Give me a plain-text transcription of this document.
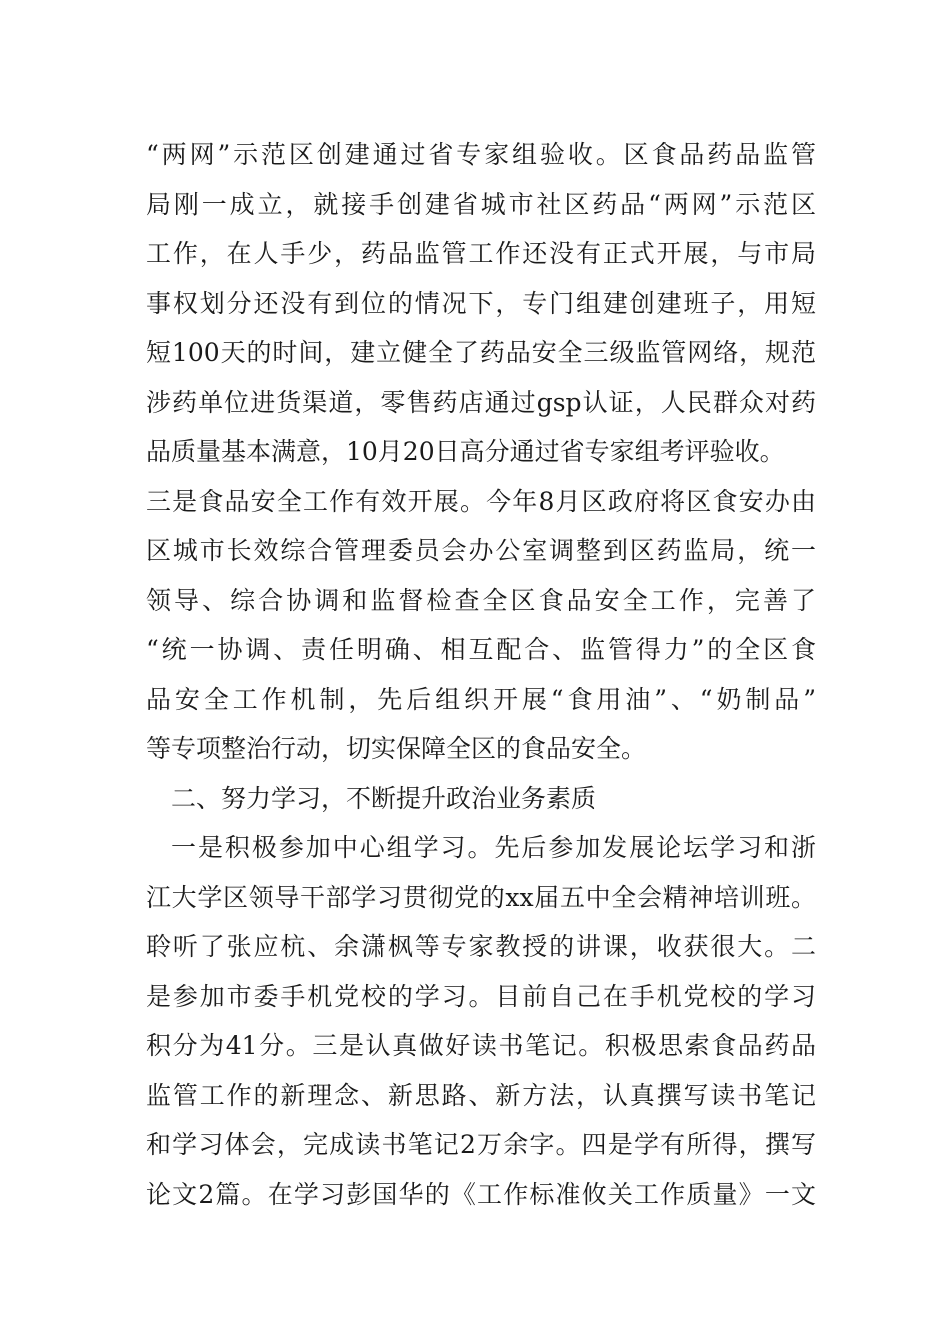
“两网”示范区创建通过省专家组验收。区食品药品监管
局刚一成立，就接手创建省城市社区药品“两网”示范区
工作，在人手少，药品监管工作还没有正式开展，与市局
事权划分还没有到位的情况下，专门组建创建班子，用短
短100天的时间，建立健全了药品安全三级监管网络，规范
涉药单位进货渠道，零售药店通过gsp认证，人民群众对药
品质量基本满意，10月20日高分通过省专家组考评验收。
三是食品安全工作有效开展。今年8月区政府将区食安办由
区城市长效综合管理委员会办公室调整到区药监局，统一
领导、综合协调和监督检查全区食品安全工作，完善了
“统一协调、责任明确、相互配合、监管得力”的全区食
品安全工作机制，先后组织开展“食用油”、“奶制品”
等专项整治行动，切实保障全区的食品安全。
二、努力学习，不断提升政治业务素质
一是积极参加中心组学习。先后参加发展论坛学习和浙
江大学区领导干部学习贯彻党的xx届五中全会精神培训班。
聆听了张应杭、余潇枫等专家教授的讲课，收获很大。二
是参加市委手机党校的学习。目前自己在手机党校的学习
积分为41分。三是认真做好读书笔记。积极思索食品药品
监管工作的新理念、新思路、新方法，认真撰写读书笔记
和学习体会，完成读书笔记2万余字。四是学有所得，撰写
论文2篇。在学习彭国华的《工作标准攸关工作质量》一文
